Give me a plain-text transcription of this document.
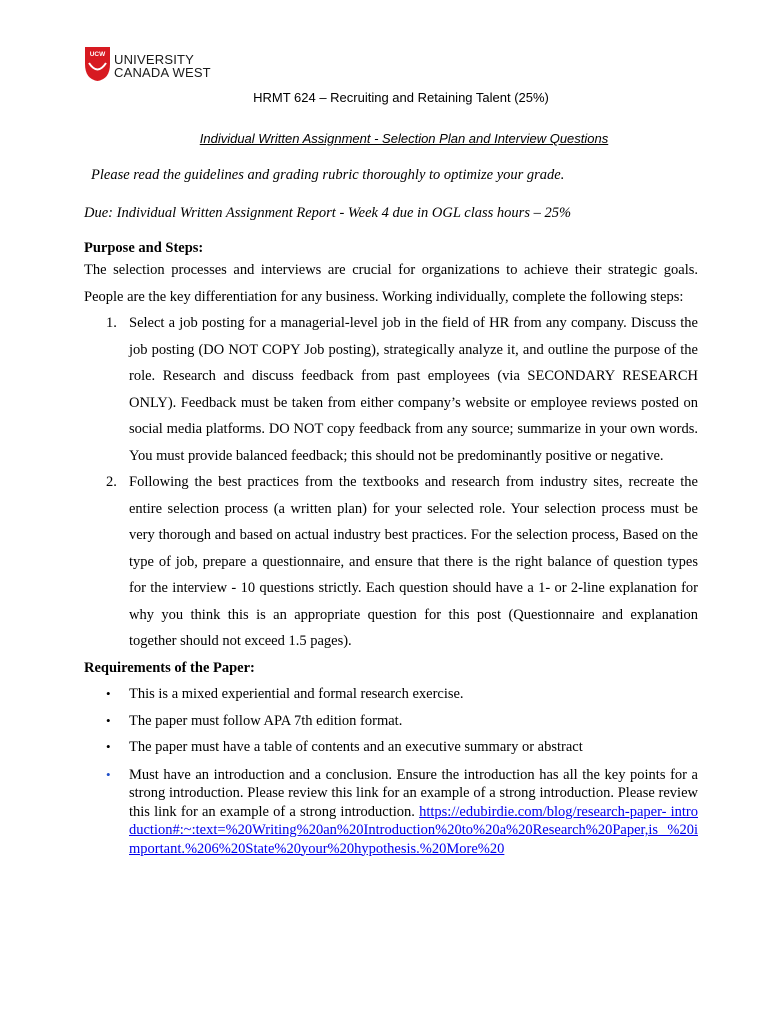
UCW UNIVERSITY
CANADA WEST
HRMT 624 – Recruiting and Retaining Talent (25%)
Individual Written Assignment - Selection Plan and Interview Questions
Please read the guidelines and grading rubric thoroughly to optimize your grade.
Due: Individual Written Assignment Report - Week 4 due in OGL class hours – 25%
Purpose and Steps:
The selection processes and interviews are crucial for organizations to achieve their strategic goals. People are the key differentiation for any business. Working individually, complete the following steps:
1. Select a job posting for a managerial-level job in the field of HR from any company. Discuss the job posting (DO NOT COPY Job posting), strategically analyze it, and outline the purpose of the role. Research and discuss feedback from past employees (via SECONDARY RESEARCH ONLY). Feedback must be taken from either company’s website or employee reviews posted on social media platforms. DO NOT copy feedback from any source; summarize in your own words. You must provide balanced feedback; this should not be predominantly positive or negative.
2. Following the best practices from the textbooks and research from industry sites, recreate the entire selection process (a written plan) for your selected role. Your selection process must be very thorough and based on actual industry best practices. For the selection process, Based on the type of job, prepare a questionnaire, and ensure that there is the right balance of question types for the interview - 10 questions strictly. Each question should have a 1- or 2-line explanation for why you think this is an appropriate question for this post (Questionnaire and explanation together should not exceed 1.5 pages).
Requirements of the Paper:
• This is a mixed experiential and formal research exercise.
• The paper must follow APA 7th edition format.
• The paper must have a table of contents and an executive summary or abstract
• Must have an introduction and a conclusion. Ensure the introduction has all the key points for a strong introduction. Please review this link for an example of a strong introduction. Please review this link for an example of a strong introduction. https://edubirdie.com/blog/research-paper- introduction#:~:text=%20Writing%20an%20Introduction%20to%20a%20Research%20Paper,is %20important.%206%20State%20your%20hypothesis.%20More%20
